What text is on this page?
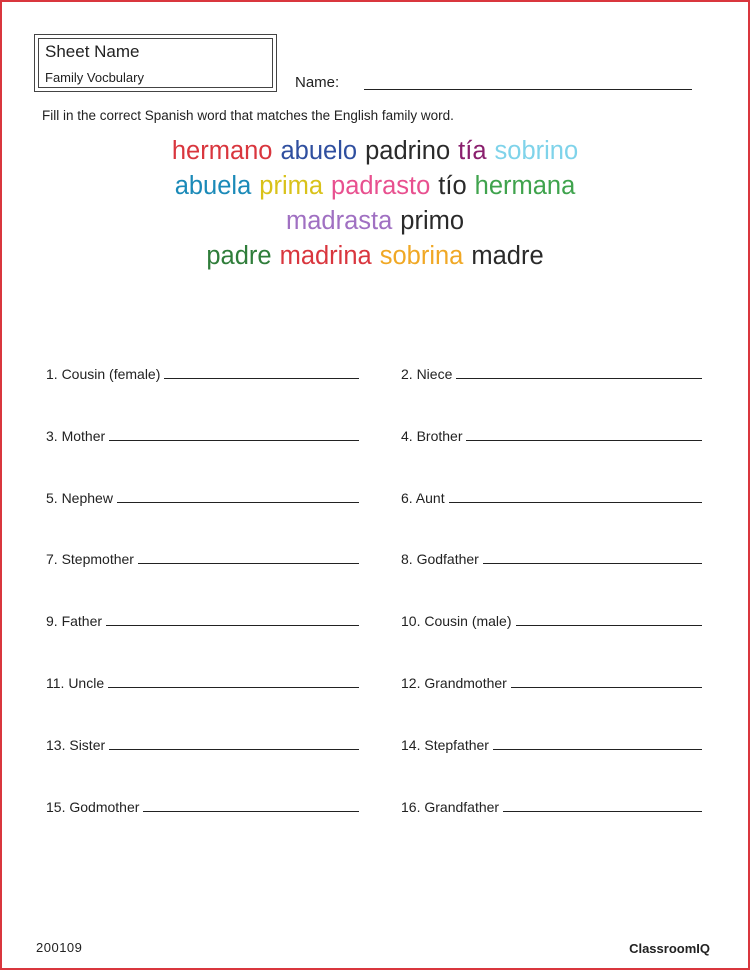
Sheet Name
Family Vocbulary	Name:
Fill in the correct Spanish word that matches the English family word.
hermano abuelo padrino tía sobrino
abuela prima padrasto tío hermana
madrasta primo
padre madrina sobrina madre
1. Cousin (female)	2. Niece
3. Mother	4. Brother
5. Nephew	6. Aunt
7. Stepmother	8. Godfather
9. Father	10. Cousin (male)
11. Uncle	12. Grandmother
13. Sister	14. Stepfather
15. Godmother	16. Grandfather
200109	ClassroomIQ
